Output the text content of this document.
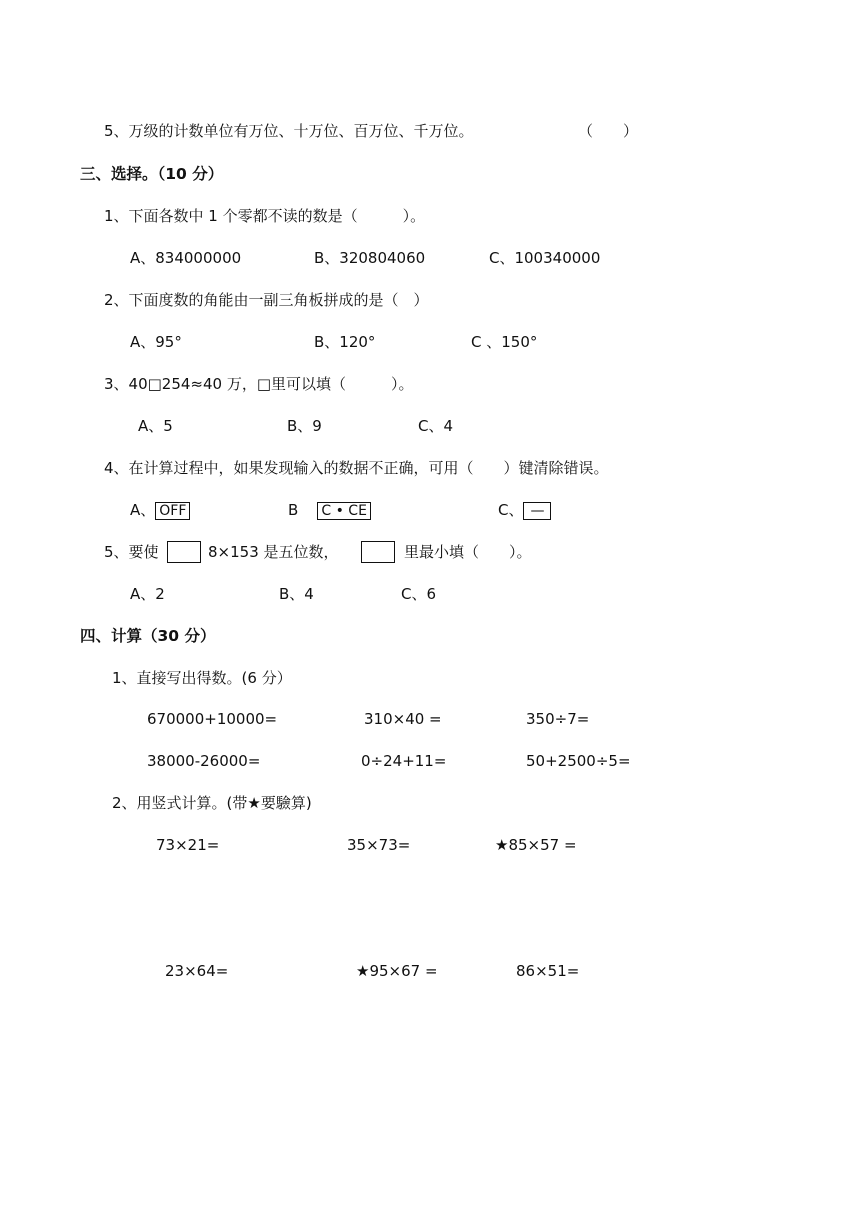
5、万级的计数单位有万位、十万位、百万位、千万位。	（　　）
三、选择。（10 分）
1、下面各数中 1 个零都不读的数是（　　　）。
A、834000000	B、320804060	C、100340000
2、下面度数的角能由一副三角板拼成的是（　）
A、95°	B、120°	C 、150°
3、40□254≈40 万，□里可以填（　　　）。
A、5	B、9	C、4
4、在计算过程中，如果发现输入的数据不正确，可用（　　）键清除错误。
A、 OFF	B C • CE	C、 —
5、要使	8×153 是五位数，	里最小填（　　）。
A、2	B、4	C、6
四、计算（30 分）
1、直接写出得数。(6 分）
670000+10000=	310×40 =	350÷7=
38000-26000=	0÷24+11=	50+2500÷5=
2、用竖式计算。(带★要驗算)
73×21=	35×73=	★85×57 =
23×64=	★95×67 =	86×51=
